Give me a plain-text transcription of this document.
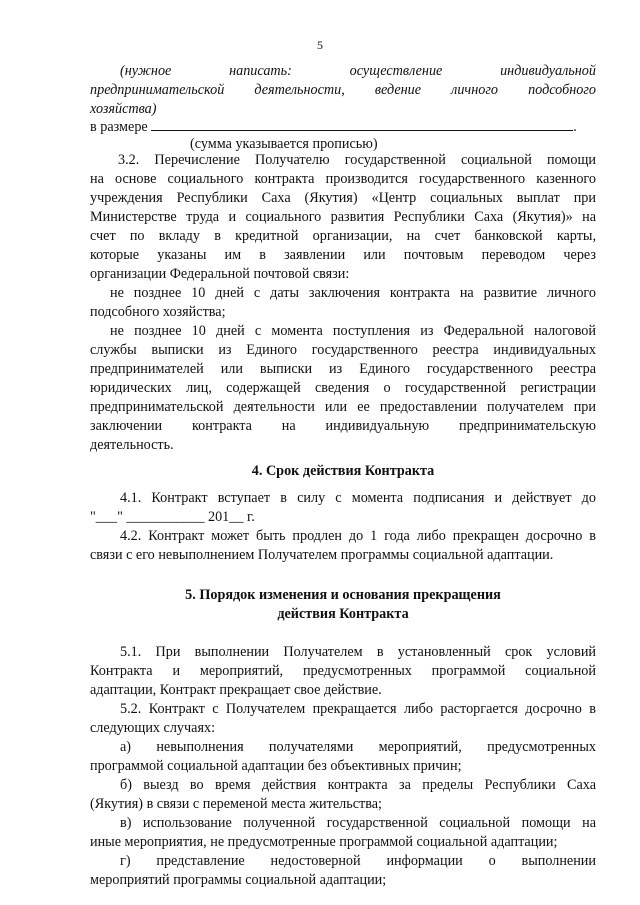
5
(нужное написать: осуществление индивидуальной
предпринимательской деятельности, ведение личного подсобного
хозяйства)
в размере	.
(сумма указывается прописью)
3.2. Перечисление Получателю государственной социальной помощи
на основе социального контракта производится государственного казенного
учреждения Республики Саха (Якутия) «Центр социальных выплат при
Министерстве труда и социального развития Республики Саха (Якутия)» на
счет по вкладу в кредитной организации, на счет банковской карты,
которые указаны им в заявлении или почтовым переводом через
организации Федеральной почтовой связи:
не позднее 10 дней с даты заключения контракта на развитие личного
подсобного хозяйства;
не позднее 10 дней с момента поступления из Федеральной налоговой
службы выписки из Единого государственного реестра индивидуальных
предпринимателей или выписки из Единого государственного реестра
юридических лиц, содержащей сведения о государственной регистрации
предпринимательской деятельности или ее предоставлении получателем при
заключении контракта на индивидуальную предпринимательскую
деятельность.
4. Срок действия Контракта
4.1. Контракт вступает в силу с момента подписания и действует до
"___" ___________ 201__ г.
4.2. Контракт может быть продлен до 1 года либо прекращен досрочно в
связи с его невыполнением Получателем программы социальной адаптации.
5. Порядок изменения и основания прекращения
действия Контракта
5.1. При выполнении Получателем в установленный срок условий
Контракта и мероприятий, предусмотренных программой социальной
адаптации, Контракт прекращает свое действие.
5.2. Контракт с Получателем прекращается либо расторгается досрочно в
следующих случаях:
а) невыполнения получателями мероприятий, предусмотренных
программой социальной адаптации без объективных причин;
б) выезд во время действия контракта за пределы Республики Саха
(Якутия) в связи с переменой места жительства;
в) использование полученной государственной социальной помощи на
иные мероприятия, не предусмотренные программой социальной адаптации;
г) представление недостоверной информации о выполнении
мероприятий программы социальной адаптации;
